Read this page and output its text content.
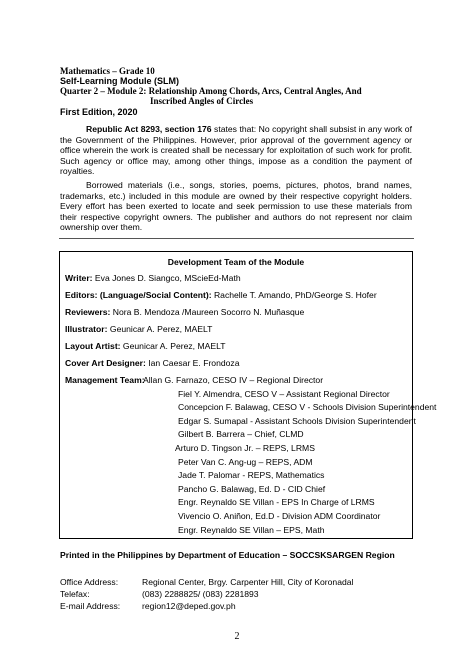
Mathematics – Grade 10
Self-Learning Module (SLM)
Quarter 2 – Module 2: Relationship Among Chords, Arcs, Central Angles, And
Inscribed Angles of Circles
First Edition, 2020
Republic Act 8293, section 176 states that: No copyright shall subsist in any work of the Government of the Philippines. However, prior approval of the government agency or office wherein the work is created shall be necessary for exploitation of such work for profit. Such agency or office may, among other things, impose as a condition the payment of royalties.
Borrowed materials (i.e., songs, stories, poems, pictures, photos, brand names, trademarks, etc.) included in this module are owned by their respective copyright holders. Every effort has been exerted to locate and seek permission to use these materials from their respective copyright owners. The publisher and authors do not represent nor claim ownership over them.
Development Team of the Module
Writer: Eva Jones D. Siangco, MScieEd-Math
Editors: (Language/Social Content): Rachelle T. Amando, PhD/George S. Hofer
Reviewers: Nora B. Mendoza /Maureen Socorro N. Muñasque
Illustrator: Geunicar A. Perez, MAELT
Layout Artist: Geunicar A. Perez, MAELT
Cover Art Designer: Ian Caesar E. Frondoza
Management Team:
Allan G. Farnazo, CESO IV – Regional Director
Fiel Y. Almendra, CESO V – Assistant Regional Director
Concepcion F. Balawag, CESO V - Schools Division Superintendent
Edgar S. Sumapal - Assistant Schools Division Superintendent
Gilbert B. Barrera – Chief, CLMD
Arturo D. Tingson Jr. – REPS, LRMS
Peter Van C. Ang-ug – REPS, ADM
Jade T. Palomar - REPS, Mathematics
Pancho G. Balawag, Ed. D - CID Chief
Engr. Reynaldo SE Villan - EPS In Charge of LRMS
Vivencio O. Aniñon, Ed.D - Division ADM Coordinator
Engr. Reynaldo SE Villan – EPS, Math
Printed in the Philippines by Department of Education – SOCCSKSARGEN Region
Office Address:	Regional Center, Brgy. Carpenter Hill, City of Koronadal
Telefax:	(083) 2288825/ (083) 2281893
E-mail Address:	region12@deped.gov.ph
2
